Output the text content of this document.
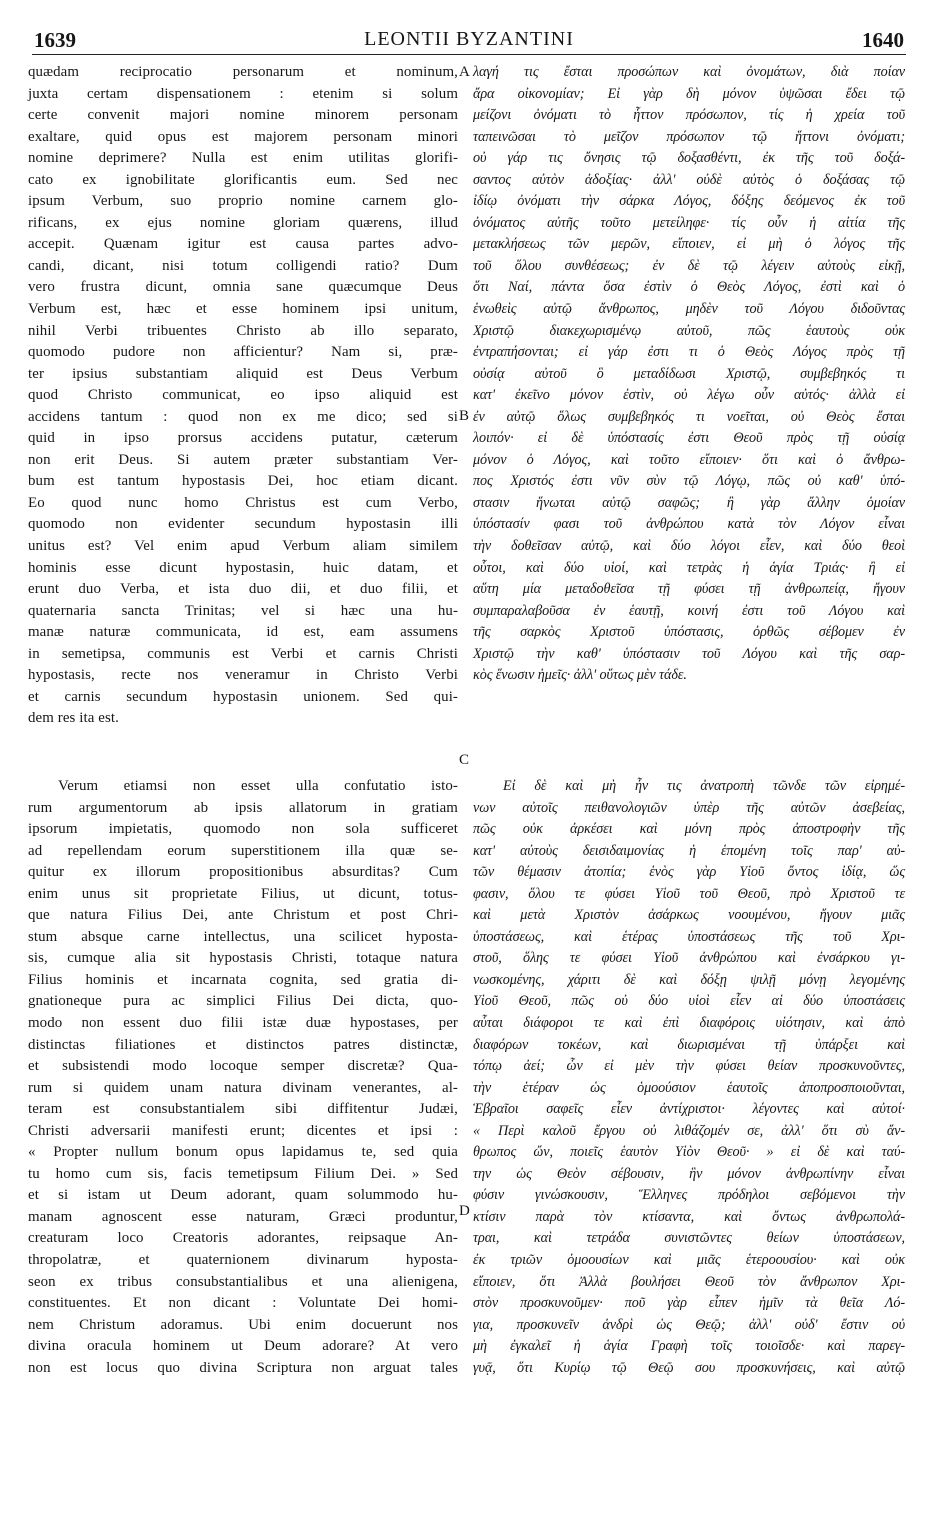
1639	LEONTII BYZANTINI	1640

quædam reciprocatio personarum et nominum,

juxta certam dispensationem : etenim si solum

certe convenit majori nomine minorem personam

exaltare, quid opus est majorem personam minori

nomine deprimere? Nulla est enim utilitas glorifi-

cato ex ignobilitate glorificantis eum. Sed nec

ipsum Verbum, suo proprio nomine carnem glo-

rificans, ex ejus nomine gloriam quærens, illud

accepit. Quænam igitur est causa partes advo-

candi, dicant, nisi totum colligendi ratio? Dum

vero frustra dicunt, omnia sane quæcumque Deus

Verbum est, hæc et esse hominem ipsi unitum,

nihil Verbi tribuentes Christo ab illo separato,

quomodo pudore non afficientur? Nam si, præ-

ter ipsius substantiam aliquid est Deus Verbum

quod Christo communicat, eo ipso aliquid est

accidens tantum : quod non ex me dico; sed si

quid in ipso prorsus accidens putatur, cæterum

non erit Deus. Si autem præter substantiam Ver-

bum est tantum hypostasis Dei, hoc etiam dicant.

Eo quod nunc homo Christus est cum Verbo,

quomodo non evidenter secundum hypostasin illi

unitus est? Vel enim apud Verbum aliam similem

hominis esse dicunt hypostasin, huic datam, et

erunt duo Verba, et ista duo dii, et duo filii, et

quaternaria sancta Trinitas; vel si hæc una hu-

manæ naturæ communicata, id est, eam assumens

in semetipsa, communis est Verbi et carnis Christi

hypostasis, recte nos veneramur in Christo Verbi

et carnis secundum hypostasin unionem. Sed qui-

dem res ita est.

Verum etiamsi non esset ulla confutatio isto-

rum argumentorum ab ipsis allatorum in gratiam

ipsorum impietatis, quomodo non sola sufficeret

ad repellendam eorum superstitionem illa quæ se-

quitur ex illorum propositionibus absurditas? Cum

enim unus sit proprietate Filius, ut dicunt, totus-

que natura Filius Dei, ante Christum et post Chri-

stum absque carne intellectus, una scilicet hyposta-

sis, cumque alia sit hypostasis Christi, totaque natura

Filius hominis et incarnata cognita, sed gratia di-

gnationeque pura ac simplici Filius Dei dicta, quo-

modo non essent duo filii istæ duæ hypostases, per

distinctas filiationes et distinctos patres distinctæ,

et subsistendi modo locoque semper discretæ? Qua-

rum si quidem unam natura divinam venerantes, al-

teram est consubstantialem sibi diffitentur Judæi,

Christi adversarii manifesti erunt; dicentes et ipsi :

« Propter nullum bonum opus lapidamus te, sed quia

tu homo cum sis, facis temetipsum Filium Dei. » Sed

et si istam ut Deum adorant, quam solummodo hu-

manam agnoscent esse naturam, Græci produntur,

creaturam loco Creatoris adorantes, reipsaque An-

thropolatræ, et quaternionem divinarum hyposta-

seon ex tribus consubstantialibus et una alienigena,

constituentes. Et non dicant : Voluntate Dei homi-

nem Christum adoramus. Ubi enim docuerunt nos

divina oracula hominem ut Deum adorare? At vero

non est locus quo divina Scriptura non arguat tales

λαγή τις ἔσται προσώπων καὶ ὀνομάτων, διὰ ποίαν

ἄρα οἰκονομίαν; Εἰ γὰρ δὴ μόνον ὑψῶσαι ἔδει τῷ

μείζονι ὀνόματι τὸ ἧττον πρόσωπον, τίς ἡ χρεία τοῦ

ταπεινῶσαι τὸ μεῖζον πρόσωπον τῷ ἥττονι ὀνόματι;

οὐ γάρ τις ὄνησις τῷ δοξασθέντι, ἐκ τῆς τοῦ δοξά-

σαντος αὐτὸν ἀδοξίας· ἀλλ' οὐδὲ αὐτὸς ὁ δοξάσας τῷ

ἰδίῳ ὀνόματι τὴν σάρκα Λόγος, δόξης δεόμενος ἐκ τοῦ

ὀνόματος αὐτῆς τοῦτο μετείληφε· τίς οὖν ἡ αἰτία τῆς

μετακλήσεως τῶν μερῶν, εἴποιεν, εἰ μὴ ὁ λόγος τῆς

τοῦ ὅλου συνθέσεως; ἐν δὲ τῷ λέγειν αὐτοὺς εἰκῇ,

ὅτι Ναί, πάντα ὅσα ἐστὶν ὁ Θεὸς Λόγος, ἐστὶ καὶ ὁ

ἑνωθεὶς αὐτῷ ἄνθρωπος, μηδὲν τοῦ Λόγου διδοῦντας

Χριστῷ διακεχωρισμένῳ αὐτοῦ, πῶς ἑαυτοὺς οὐκ

ἐντραπήσονται; εἰ γάρ ἐστι τι ὁ Θεὸς Λόγος πρὸς τῇ

οὐσίᾳ αὐτοῦ ὃ μεταδίδωσι Χριστῷ, συμβεβηκός τι

κατ' ἐκεῖνο μόνον ἐστὶν, οὐ λέγω οὖν αὐτός· ἀλλὰ εἰ

ἐν αὐτῷ ὅλως συμβεβηκός τι νοεῖται, οὐ Θεὸς ἔσται

λοιπόν· εἰ δὲ ὑπόστασίς ἐστι Θεοῦ πρὸς τῇ οὐσίᾳ

μόνον ὁ Λόγος, καὶ τοῦτο εἴποιεν· ὅτι καὶ ὁ ἄνθρω-

πος Χριστός ἐστι νῦν σὺν τῷ Λόγῳ, πῶς οὐ καθ' ὑπό-

στασιν ἥνωται αὐτῷ σαφῶς; ἢ γὰρ ἄλλην ὁμοίαν

ὑπόστασίν φασι τοῦ ἀνθρώπου κατὰ τὸν Λόγον εἶναι

τὴν δοθεῖσαν αὐτῷ, καὶ δύο λόγοι εἶεν, καὶ δύο θεοὶ

οὗτοι, καὶ δύο υἱοί, καὶ τετρὰς ἡ ἁγία Τριάς· ἢ εἰ

αὕτη μία μεταδοθεῖσα τῇ φύσει τῇ ἀνθρωπείᾳ, ἤγουν

συμπαραλαβοῦσα ἐν ἑαυτῇ, κοινή ἐστι τοῦ Λόγου καὶ

τῆς σαρκὸς Χριστοῦ ὑπόστασις, ὀρθῶς σέβομεν ἐν

Χριστῷ τὴν καθ' ὑπόστασιν τοῦ Λόγου καὶ τῆς σαρ-

κὸς ἕνωσιν ἡμεῖς· ἀλλ' οὕτως μὲν τάδε.

Εἰ δὲ καὶ μὴ ἦν τις ἀνατροπὴ τῶνδε τῶν εἰρημέ-

νων αὐτοῖς πειθανολογιῶν ὑπὲρ τῆς αὐτῶν ἀσεβείας,

πῶς οὐκ ἀρκέσει καὶ μόνη πρὸς ἀποστροφὴν τῆς

κατ' αὐτοὺς δεισιδαιμονίας ἡ ἑπομένη τοῖς παρ' αὐ-

τῶν θέμασιν ἀτοπία; ἑνὸς γὰρ Υἱοῦ ὄντος ἰδίᾳ, ὥς

φασιν, ὅλου τε φύσει Υἱοῦ τοῦ Θεοῦ, πρὸ Χριστοῦ τε

καὶ μετὰ Χριστὸν ἀσάρκως νοουμένου, ἤγουν μιᾶς

ὑποστάσεως, καὶ ἑτέρας ὑποστάσεως τῆς τοῦ Χρι-

στοῦ, ὅλης τε φύσει Υἱοῦ ἀνθρώπου καὶ ἐνσάρκου γι-

νωσκομένης, χάριτι δὲ καὶ δόξῃ ψιλῇ μόνῃ λεγομένης

Υἱοῦ Θεοῦ, πῶς οὐ δύο υἱοὶ εἶεν αἱ δύο ὑποστάσεις

αὗται διάφοροι τε καὶ ἐπὶ διαφόροις υἱότησιν, καὶ ἀπὸ

διαφόρων τοκέων, καὶ διωρισμέναι τῇ ὑπάρξει καὶ

τόπῳ ἀεί; ὧν εἰ μὲν τὴν φύσει θείαν προσκυνοῦντες,

τὴν ἑτέραν ὡς ὁμοούσιον ἑαυτοῖς ἀποπροσποιοῦνται,

Ἑβραῖοι σαφεῖς εἶεν ἀντίχριστοι· λέγοντες καὶ αὐτοί·

« Περὶ καλοῦ ἔργου οὐ λιθάζομέν σε, ἀλλ' ὅτι σὺ ἄν-

θρωπος ὤν, ποιεῖς ἑαυτὸν Υἱὸν Θεοῦ· » εἰ δὲ καὶ ταύ-

την ὡς Θεὸν σέβουσιν, ἣν μόνον ἀνθρωπίνην εἶναι

φύσιν γινώσκουσιν, Ἕλληνες πρόδηλοι σεβόμενοι τὴν

κτίσιν παρὰ τὸν κτίσαντα, καὶ ὄντως ἀνθρωπολά-

τραι, καὶ τετράδα συνιστῶντες θείων ὑποστάσεων,

ἐκ τριῶν ὁμοουσίων καὶ μιᾶς ἑτεροουσίου· καὶ οὐκ

εἴποιεν, ὅτι Ἀλλὰ βουλήσει Θεοῦ τὸν ἄνθρωπον Χρι-

στὸν προσκυνοῦμεν· ποῦ γὰρ εἶπεν ἡμῖν τὰ θεῖα Λό-

για, προσκυνεῖν ἀνδρὶ ὡς Θεῷ; ἀλλ' οὐδ' ἔστιν οὐ

μὴ ἐγκαλεῖ ἡ ἁγία Γραφὴ τοῖς τοιοῖσδε· καὶ παρεγ-

γυᾷ, ὅτι Κυρίῳ τῷ Θεῷ σου προσκυνήσεις, καὶ αὐτῷ

A
B
C
D
